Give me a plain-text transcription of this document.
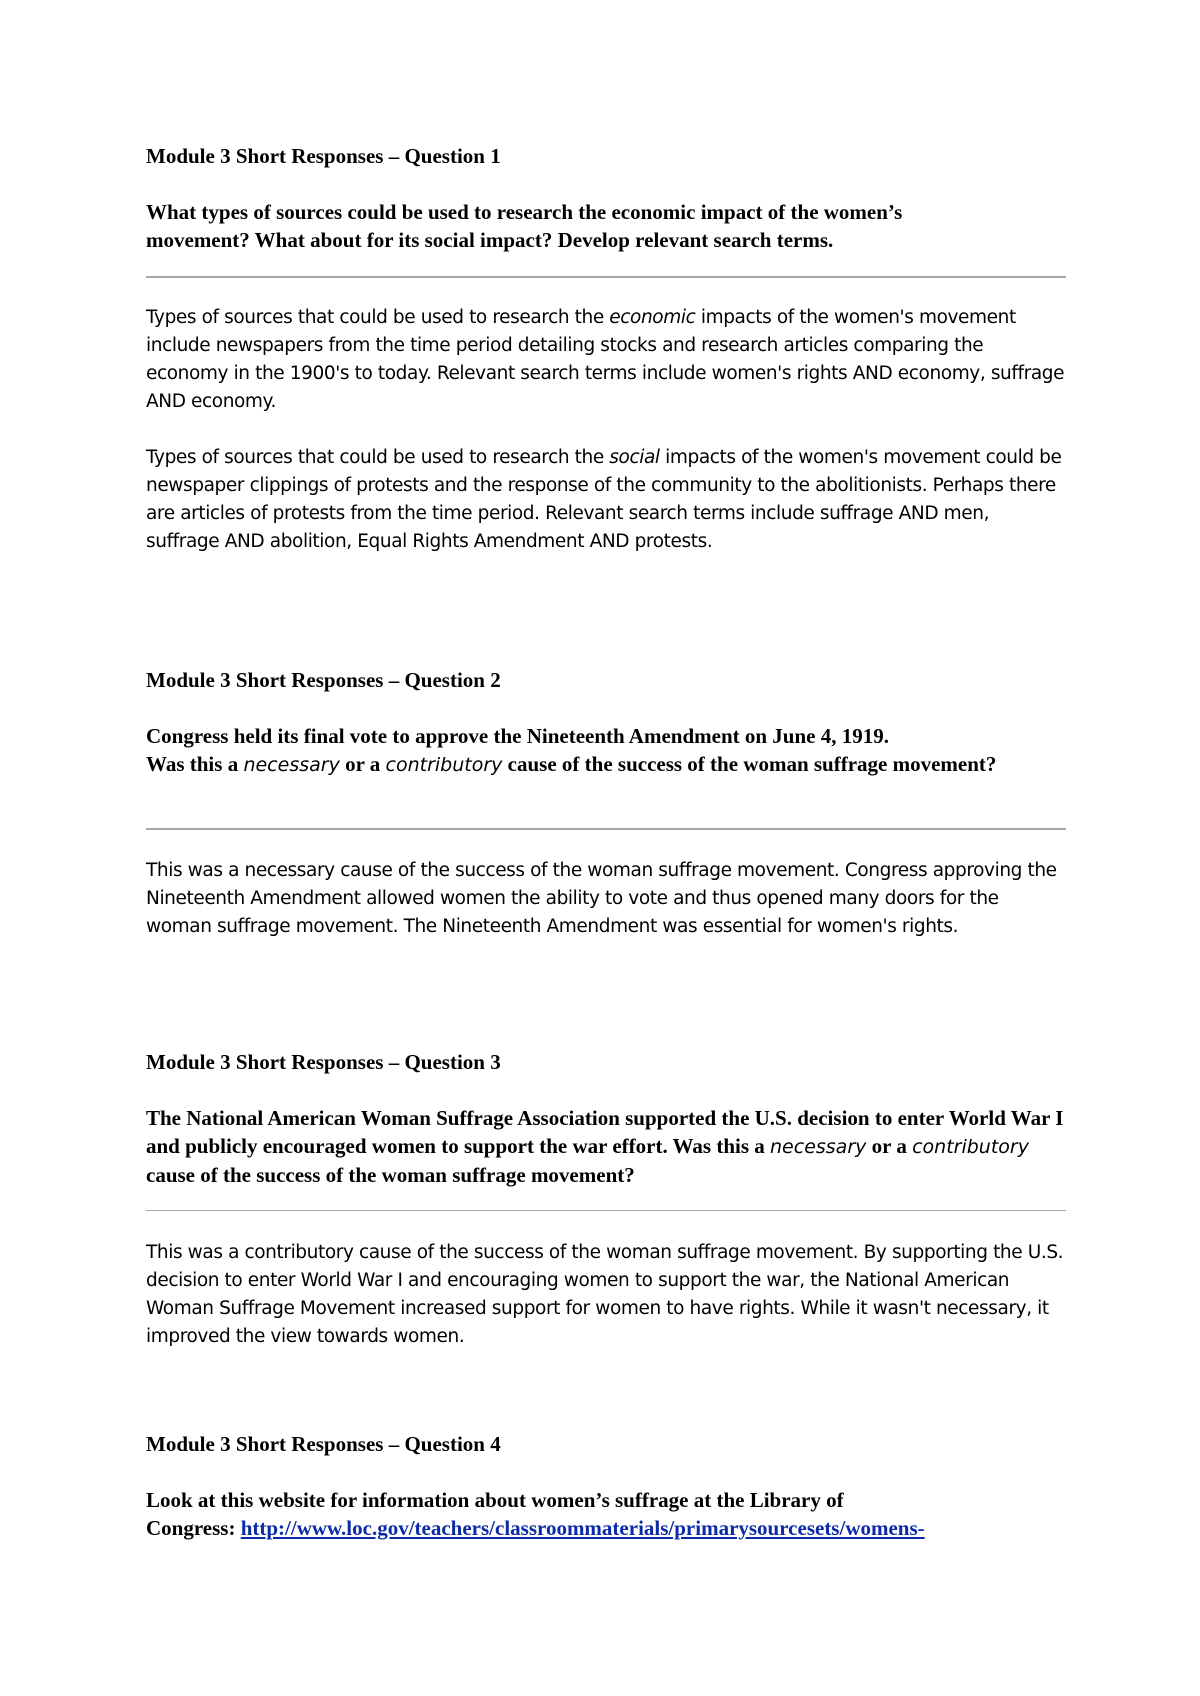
Module 3 Short Responses – Question 1

What types of sources could be used to research the economic impact of the women’s
movement? What about for its social impact? Develop relevant search terms.

Types of sources that could be used to research the economic impacts of the women's movement include newspapers from the time period detailing stocks and research articles comparing the economy in the 1900's to today. Relevant search terms include women's rights AND economy, suffrage AND economy.

Types of sources that could be used to research the social impacts of the women's movement could be newspaper clippings of protests and the response of the community to the abolitionists. Perhaps there are articles of protests from the time period. Relevant search terms include suffrage AND men, suffrage AND abolition, Equal Rights Amendment AND protests.

Module 3 Short Responses – Question 2

Congress held its final vote to approve the Nineteenth Amendment on June 4, 1919.
Was this a necessary or a contributory cause of the success of the woman suffrage movement?

This was a necessary cause of the success of the woman suffrage movement. Congress approving the Nineteenth Amendment allowed women the ability to vote and thus opened many doors for the woman suffrage movement. The Nineteenth Amendment was essential for women's rights.

Module 3 Short Responses – Question 3

The National American Woman Suffrage Association supported the U.S. decision to enter World War I and publicly encouraged women to support the war effort. Was this a necessary or a contributory cause of the success of the woman suffrage movement?

This was a contributory cause of the success of the woman suffrage movement. By supporting the U.S. decision to enter World War I and encouraging women to support the war, the National American Woman Suffrage Movement increased support for women to have rights. While it wasn't necessary, it improved the view towards women.

Module 3 Short Responses – Question 4

Look at this website for information about women’s suffrage at the Library of
Congress: http://www.loc.gov/teachers/classroommaterials/primarysourcesets/womens-
